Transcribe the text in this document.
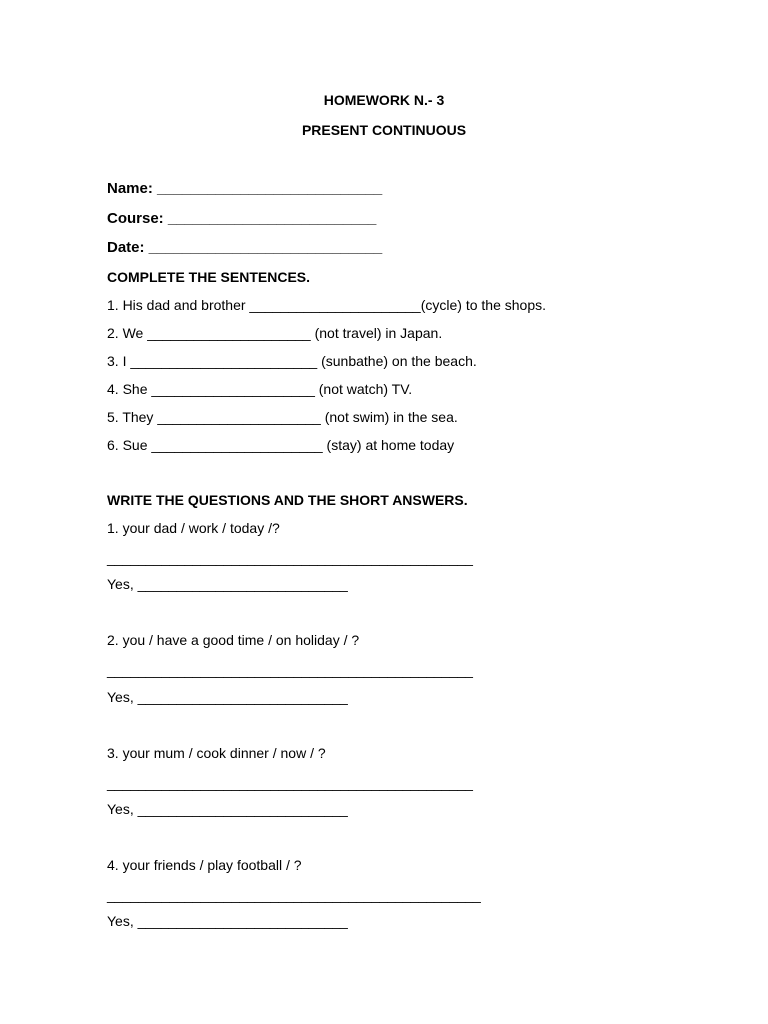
HOMEWORK N.- 3
PRESENT CONTINUOUS
Name: ___________________________
Course: _________________________
Date: ____________________________
COMPLETE THE SENTENCES.
1. His dad and brother ______________________(cycle) to the shops.
2. We _____________________ (not travel) in Japan.
3. I ________________________ (sunbathe) on the beach.
4. She _____________________ (not watch) TV.
5. They _____________________ (not swim) in the sea.
6. Sue ______________________ (stay) at home today
WRITE THE QUESTIONS AND THE SHORT ANSWERS.
1. your dad / work / today /?
_______________________________________________
Yes, ___________________________
2. you / have a good time / on holiday / ?
_______________________________________________
Yes, ___________________________
3. your mum / cook dinner / now / ?
_______________________________________________
Yes, ___________________________
4. your friends / play football / ?
________________________________________________
Yes, ___________________________
